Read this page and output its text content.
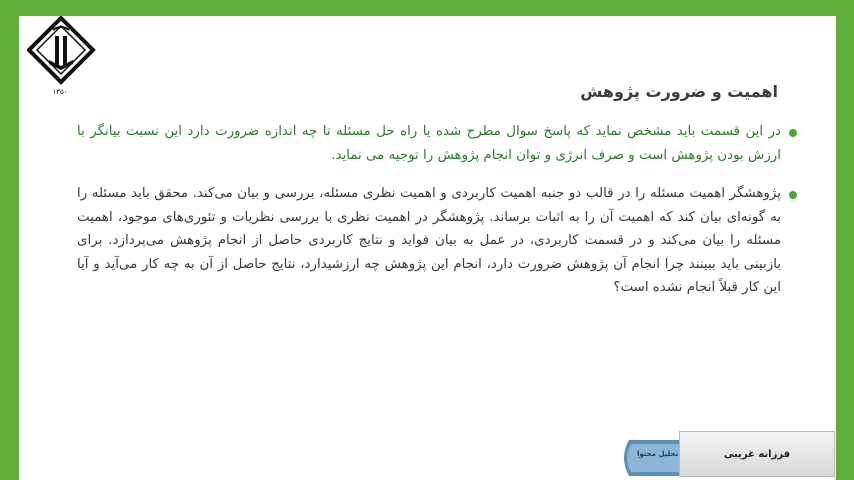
۱۳۵۰	اهمیت و ضرورت پژوهش
در این قسمت باید مشخص نماید که پاسخ سوال مطرح شده یا راه حل مسئله تا چه اندازه ضرورت دارد این نسبت بیانگر با ارزش بودن پژوهش است و صرف انرژی و توان انجام پژوهش را توجیه می نماید.
پژوهشگر اهمیت مسئله را در قالب دو جنبه اهمیت کاربردی و اهمیت نظری مسئله، بررسی و بیان می‌کند. محقق باید مسئله را به گونه‌ای بیان کند که اهمیت آن را به اثبات برساند. پژوهشگر در اهمیت نظری با بررسی نظریات و تئوری‌های موجود، اهمیت مسئله را بیان می‌کند و در قسمت کاربردی، در عمل به بیان فواید و نتایج کاربردی حاصل از انجام پژوهش می‌پردازد. برای بازبینی باید ببینند چرا انجام آن پژوهش ضرورت دارد، انجام این پژوهش چه ارزشیدارد، نتایج حاصل از آن به چه کار می‌آید و آیا این کار قبلاً انجام نشده است؟
تحلیل محتوا	فرزانه غریبی
